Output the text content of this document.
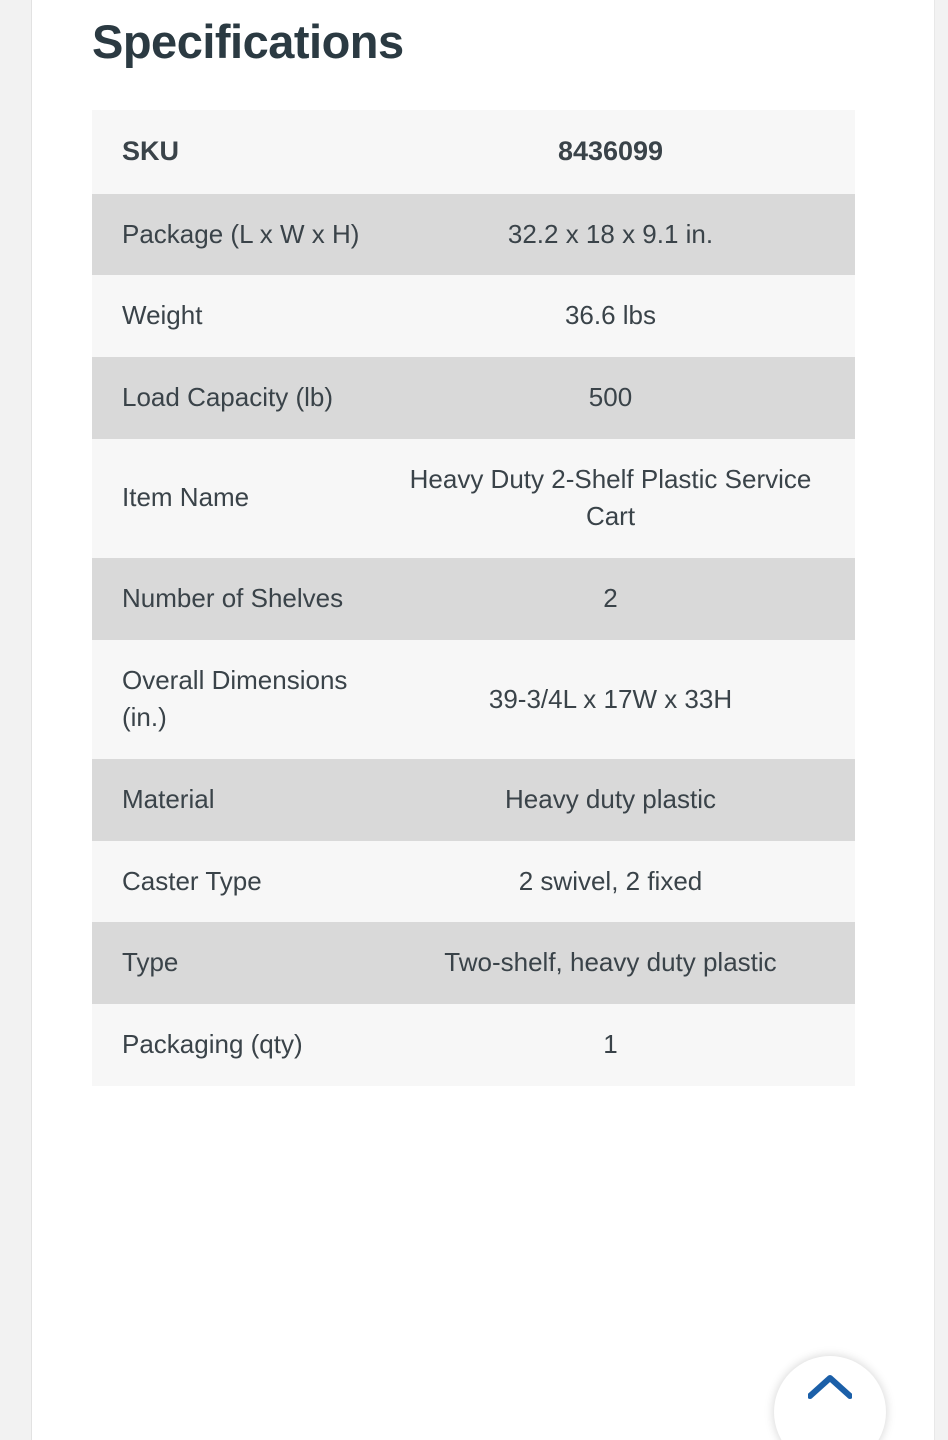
Specifications
SKU	8436099
Package (L x W x H)	32.2 x 18 x 9.1 in.
Weight	36.6 lbs
Load Capacity (lb)	500
Item Name	Heavy Duty 2-Shelf Plastic Service Cart
Number of Shelves	2
Overall Dimensions (in.)	39-3/4L x 17W x 33H
Material	Heavy duty plastic
Caster Type	2 swivel, 2 fixed
Type	Two-shelf, heavy duty plastic
Packaging (qty)	1
